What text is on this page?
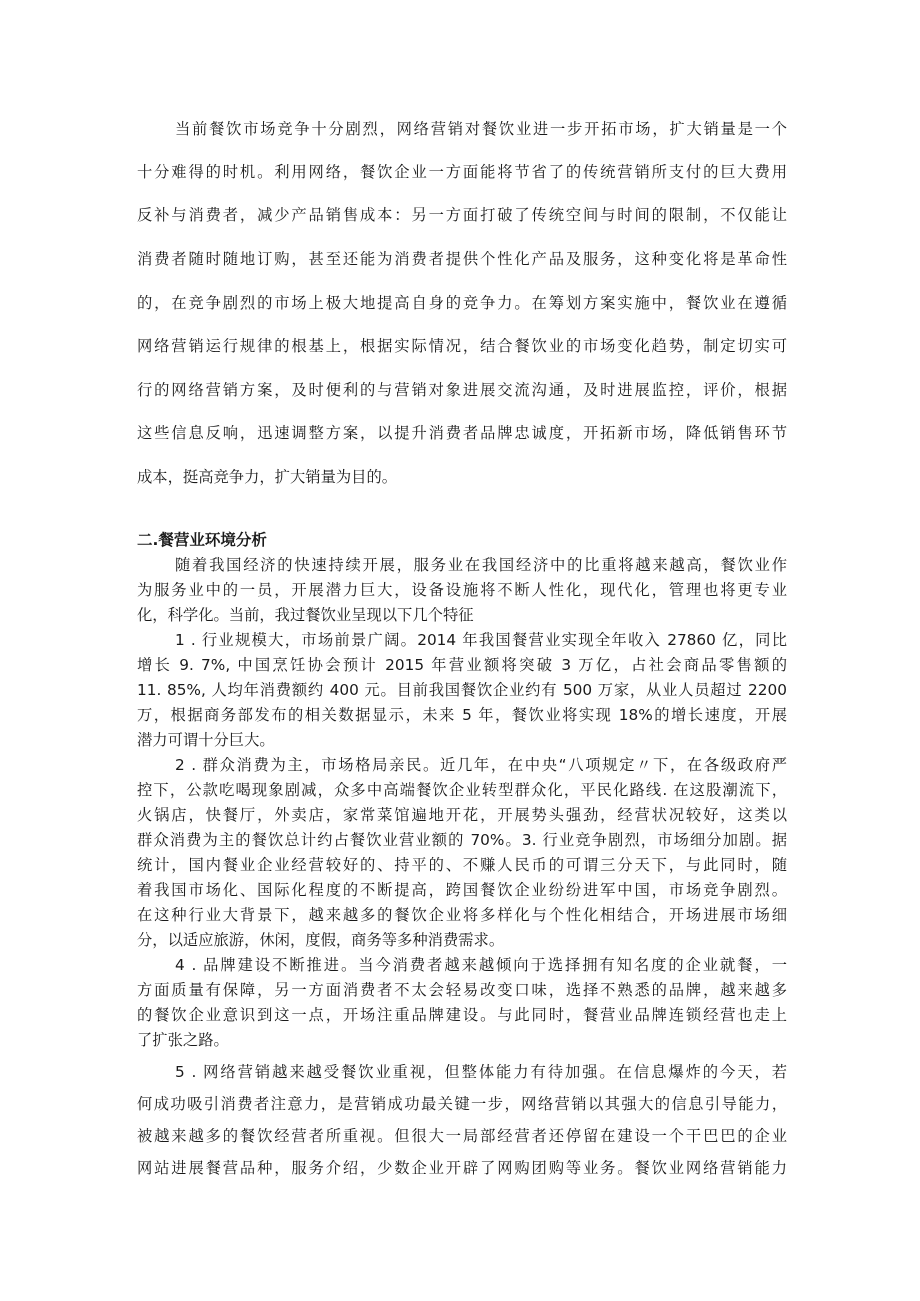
当前餐饮市场竞争十分剧烈，网络营销对餐饮业进一步开拓市场，扩大销量是一个
十分难得的时机。利用网络，餐饮企业一方面能将节省了的传统营销所支付的巨大费用
反补与消费者，减少产品销售成本：另一方面打破了传统空间与时间的限制，不仅能让
消费者随时随地订购，甚至还能为消费者提供个性化产品及服务，这种变化将是革命性
的，在竞争剧烈的市场上极大地提高自身的竞争力。在筹划方案实施中，餐饮业在遵循
网络营销运行规律的根基上，根据实际情况，结合餐饮业的市场变化趋势，制定切实可
行的网络营销方案，及时便利的与营销对象进展交流沟通，及时进展监控，评价，根据
这些信息反响，迅速调整方案，以提升消费者品牌忠诚度，开拓新市场，降低销售环节
成本，挺高竞争力，扩大销量为目的。
二.餐营业环境分析
随着我国经济的快速持续开展，服务业在我国经济中的比重将越来越高，餐饮业作
为服务业中的一员，开展潜力巨大，设备设施将不断人性化，现代化，管理也将更专业
化，科学化。当前，我过餐饮业呈现以下几个特征
1 . 行业规模大，市场前景广阔。2014 年我国餐营业实现全年收入 27860 亿，同比
增长 9. 7%, 中国烹饪协会预计 2015 年营业额将突破 3 万亿，占社会商品零售额的
11. 85%, 人均年消费额约 400 元。目前我国餐饮企业约有 500 万家，从业人员超过 2200
万，根据商务部发布的相关数据显示，未来 5 年，餐饮业将实现 18%的增长速度，开展
潜力可谓十分巨大。
2 . 群众消费为主，市场格局亲民。近几年，在中央“八项规定〃下，在各级政府严
控下，公款吃喝现象剧减，众多中高端餐饮企业转型群众化，平民化路线. 在这股潮流下，
火锅店，快餐厅，外卖店，家常菜馆遍地开花，开展势头强劲，经营状况较好，这类以
群众消费为主的餐饮总计约占餐饮业营业额的 70%。3. 行业竞争剧烈，市场细分加剧。据
统计，国内餐业企业经营较好的、持平的、不赚人民币的可谓三分天下，与此同时，随
着我国市场化、国际化程度的不断提高，跨国餐饮企业纷纷进军中国，市场竞争剧烈。
在这种行业大背景下，越来越多的餐饮企业将多样化与个性化相结合，开场进展市场细
分，以适应旅游，休闲，度假，商务等多种消费需求。
4 . 品牌建设不断推进。当今消费者越来越倾向于选择拥有知名度的企业就餐，一
方面质量有保障，另一方面消费者不太会轻易改变口味，选择不熟悉的品牌，越来越多
的餐饮企业意识到这一点，开场注重品牌建设。与此同时，餐营业品牌连锁经营也走上
了扩张之路。
5 . 网络营销越来越受餐饮业重视，但整体能力有待加强。在信息爆炸的今天，若
何成功吸引消费者注意力，是营销成功最关键一步，网络营销以其强大的信息引导能力，
被越来越多的餐饮经营者所重视。但很大一局部经营者还停留在建设一个干巴巴的企业
网站进展餐营品种，服务介绍，少数企业开辟了网购团购等业务。餐饮业网络营销能力
